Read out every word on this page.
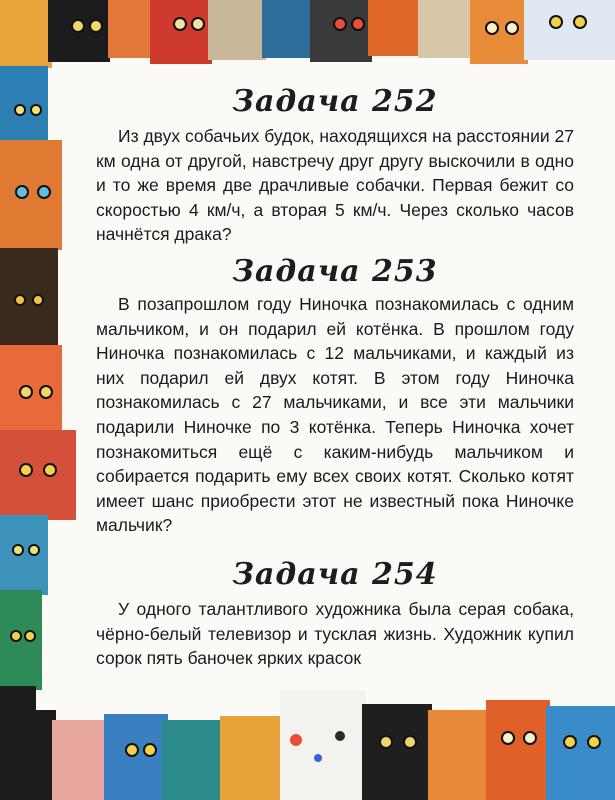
Задача 252

Из двух собачьих будок, находящихся на расстоянии 27 км одна от другой, навстречу друг другу выскочили в одно и то же время две драчливые собачки. Первая бежит со скоростью 4 км/ч, а вторая 5 км/ч. Через сколько часов начнётся драка?

Задача 253

В позапрошлом году Ниночка познакомилась с одним мальчиком, и он подарил ей котёнка. В прошлом году Ниночка познакомилась с 12 мальчиками, и каждый из них подарил ей двух котят. В этом году Ниночка познакомилась с 27 мальчиками, и все эти мальчики подарили Ниночке по 3 котёнка. Теперь Ниночка хочет познакомиться ещё с каким-нибудь мальчиком и собирается подарить ему всех своих котят. Сколько котят имеет шанс приобрести этот не известный пока Ниночке мальчик?

Задача 254

У одного талантливого художника была серая собака, чёрно-белый телевизор и тусклая жизнь. Художник купил сорок пять баночек ярких красок
